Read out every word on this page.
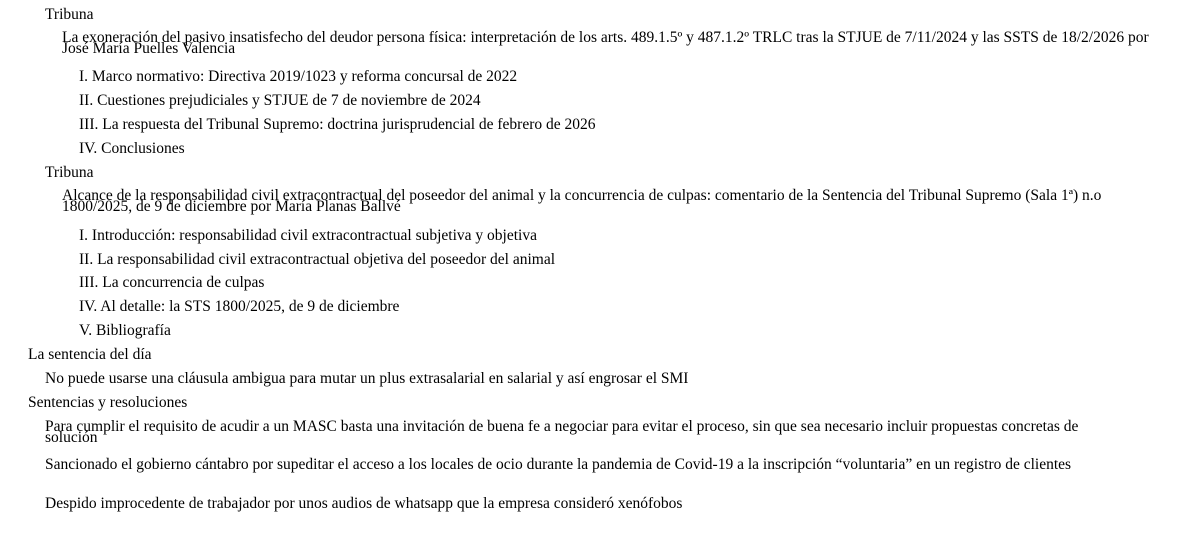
Tribuna
La exoneración del pasivo insatisfecho del deudor persona física: interpretación de los arts. 489.1.5º y 487.1.2º TRLC tras la STJUE de 7/11/2024 y las SSTS de 18/2/2026 por José María Puelles Valencia
I. Marco normativo: Directiva 2019/1023 y reforma concursal de 2022
II. Cuestiones prejudiciales y STJUE de 7 de noviembre de 2024
III. La respuesta del Tribunal Supremo: doctrina jurisprudencial de febrero de 2026
IV. Conclusiones
Tribuna
Alcance de la responsabilidad civil extracontractual del poseedor del animal y la concurrencia de culpas: comentario de la Sentencia del Tribunal Supremo (Sala 1ª) n.o 1800/2025, de 9 de diciembre por María Planas Ballvé
I. Introducción: responsabilidad civil extracontractual subjetiva y objetiva
II. La responsabilidad civil extracontractual objetiva del poseedor del animal
III. La concurrencia de culpas
IV. Al detalle: la STS 1800/2025, de 9 de diciembre
V. Bibliografía
La sentencia del día
No puede usarse una cláusula ambigua para mutar un plus extrasalarial en salarial y así engrosar el SMI
Sentencias y resoluciones
Para cumplir el requisito de acudir a un MASC basta una invitación de buena fe a negociar para evitar el proceso, sin que sea necesario incluir propuestas concretas de solución
Sancionado el gobierno cántabro por supeditar el acceso a los locales de ocio durante la pandemia de Covid-19 a la inscripción “voluntaria” en un registro de clientes
Despido improcedente de trabajador por unos audios de whatsapp que la empresa consideró xenófobos
